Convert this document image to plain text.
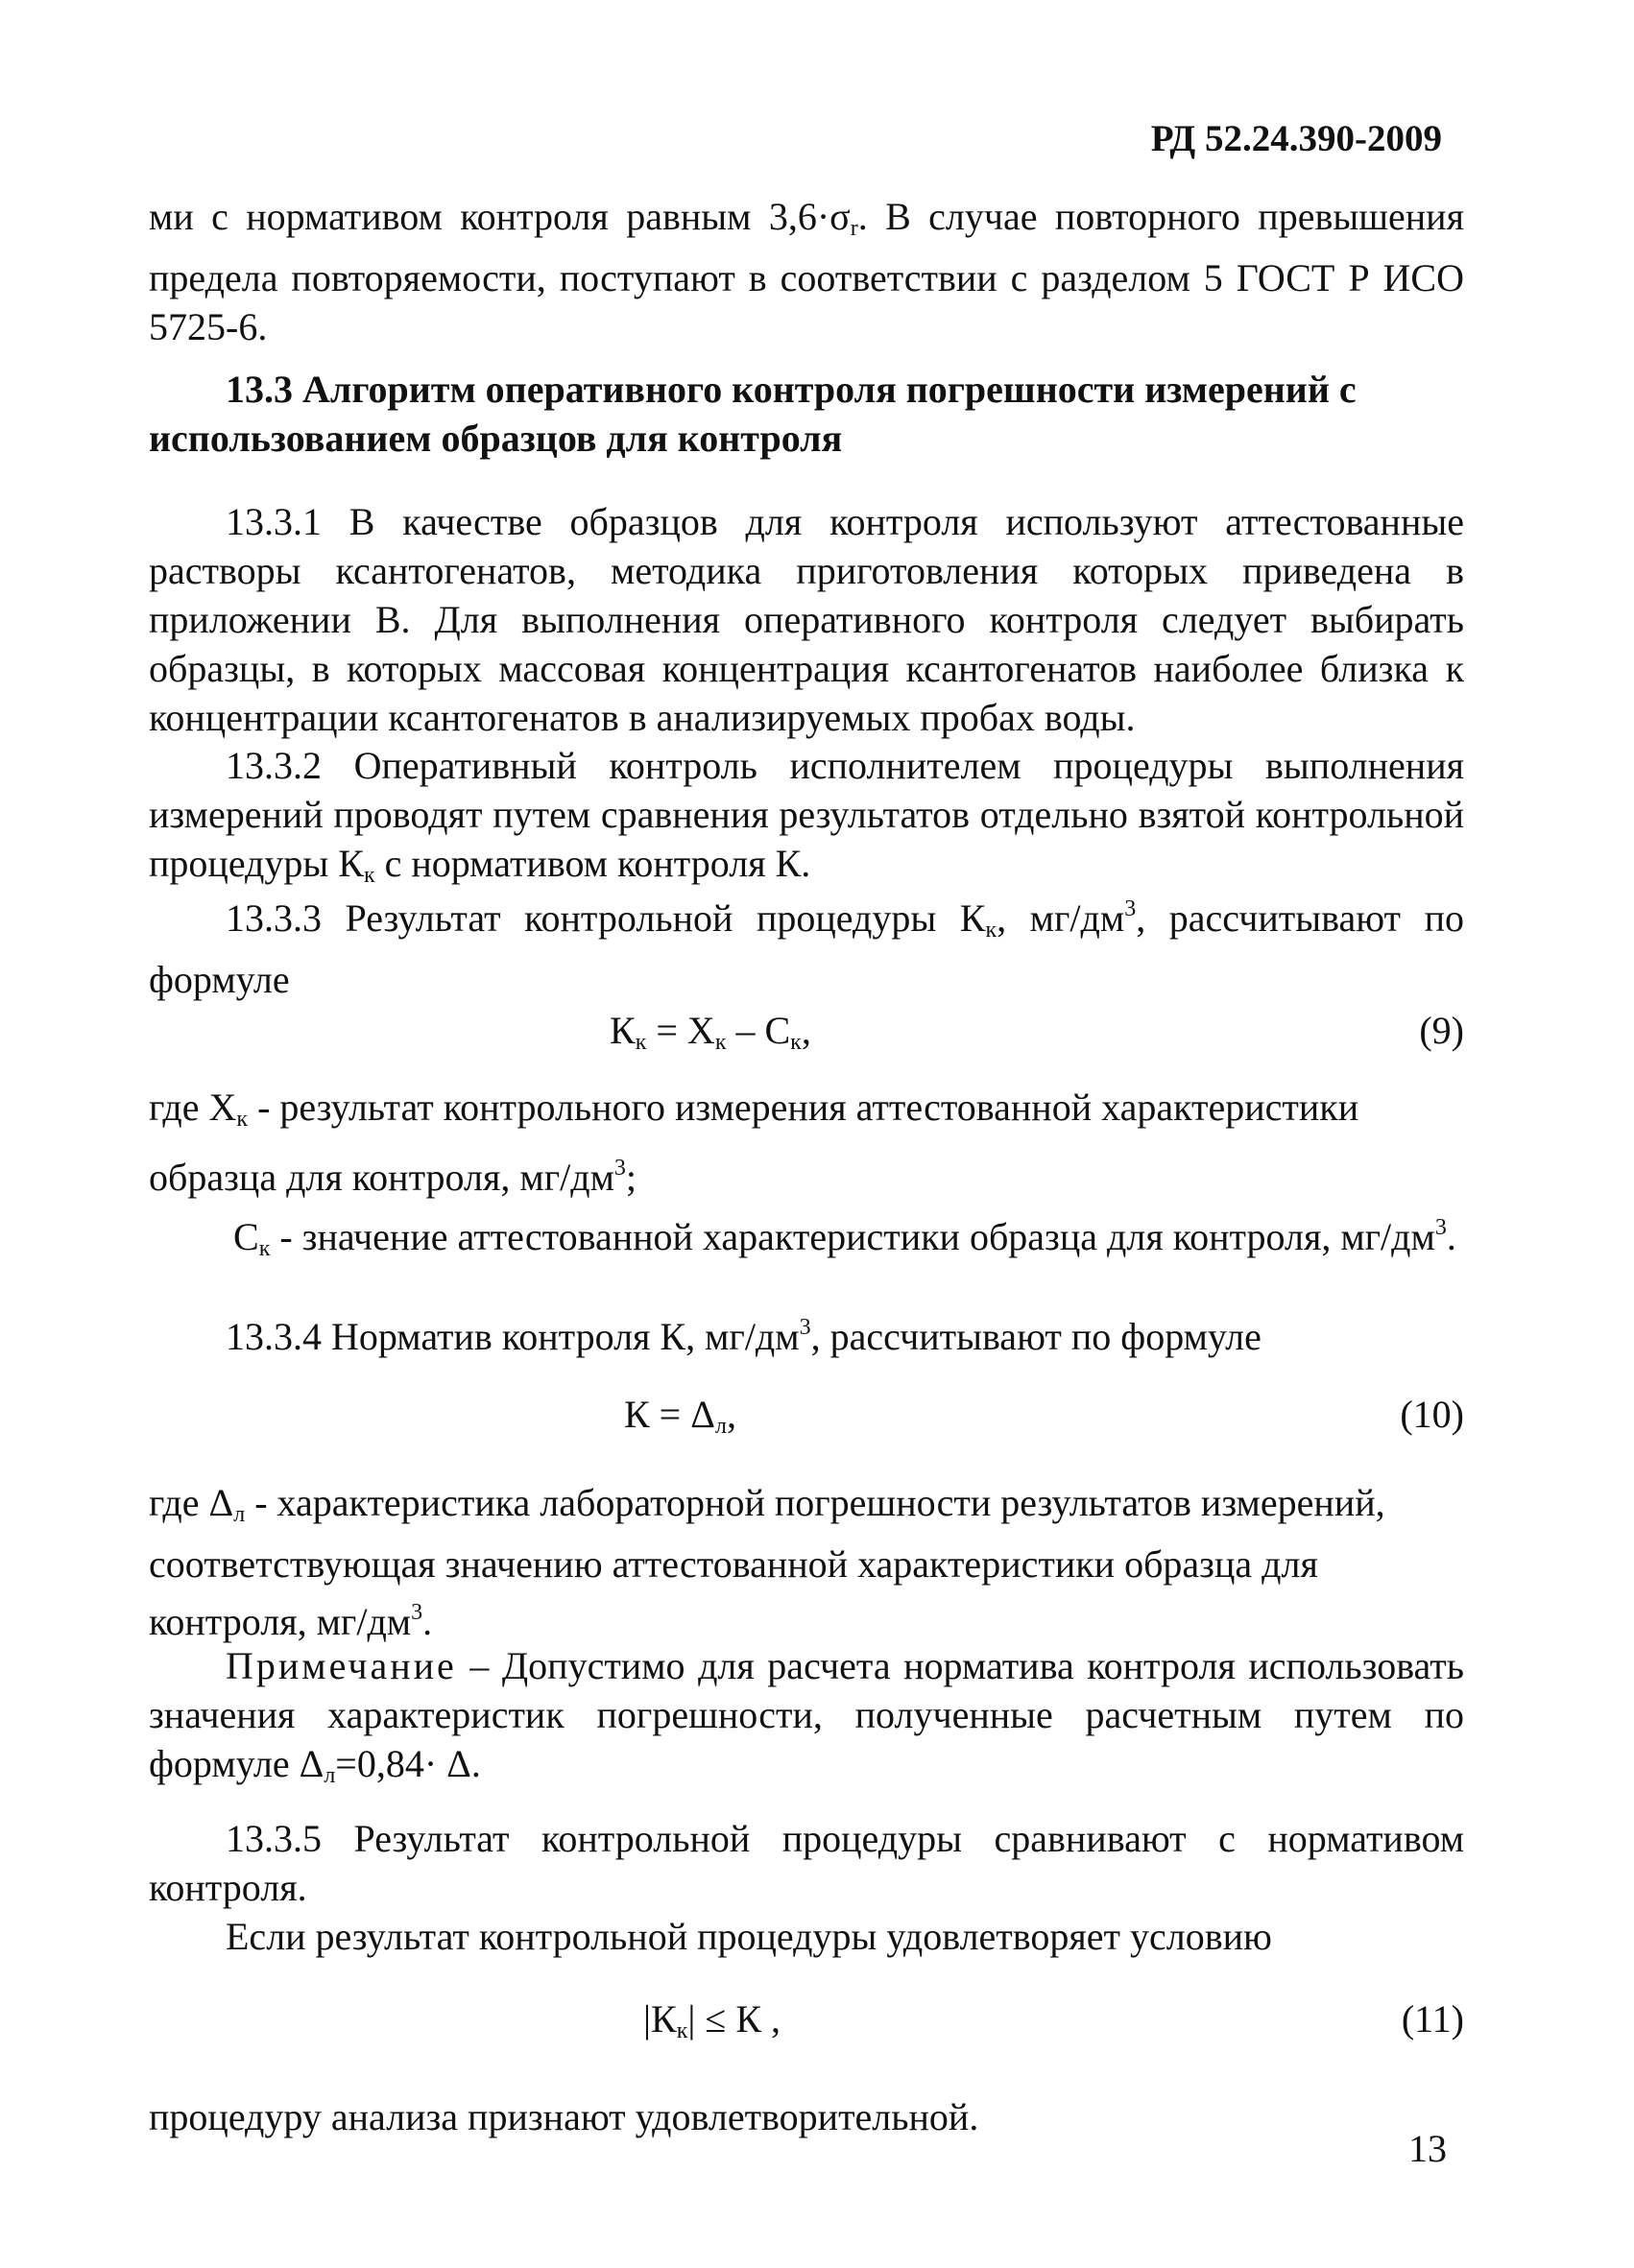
РД 52.24.390-2009

ми с нормативом контроля равным $3,6\cdot\sigma_r$. В случае повторного превышения предела повторяемости, поступают в соответствии с разделом 5 ГОСТ Р ИСО 5725-6.

13.3 Алгоритм оперативного контроля погрешности измерений с использованием образцов для контроля

13.3.1 В качестве образцов для контроля используют аттестованные растворы ксантогенатов, методика приготовления которых приведена в приложении В. Для выполнения оперативного контроля следует выбирать образцы, в которых массовая концентрация ксантогенатов наиболее близка к концентрации ксантогенатов в анализируемых пробах воды.

13.3.2 Оперативный контроль исполнителем процедуры выполнения измерений проводят путем сравнения результатов отдельно взятой контрольной процедуры $К_к$ с нормативом контроля К.

13.3.3 Результат контрольной процедуры $К_к$, $мг/дм^3$, рассчитывают по формуле

$К_к = Х_к - С_к$,	(9)
где $Х_к$ - результат контрольного измерения аттестованной характеристики образца для контроля, $мг/дм^3$;
$С_к$ - значение аттестованной характеристики образца для контроля, $мг/дм^3$.

13.3.4 Норматив контроля К, $мг/дм^3$, рассчитывают по формуле

$К = \Delta_л$,	(10)
где $\Delta_л$ - характеристика лабораторной погрешности результатов измерений, соответствующая значению аттестованной характеристики образца для контроля, $мг/дм^3$.

Примечание – Допустимо для расчета норматива контроля использовать значения характеристик погрешности, полученные расчетным путем по формуле $\Delta_л=0,84\cdot \Delta$.

13.3.5 Результат контрольной процедуры сравнивают с нормативом контроля.

Если результат контрольной процедуры удовлетворяет условию

$|К_к| \le К$ ,	(11)

процедуру анализа признают удовлетворительной.

13
